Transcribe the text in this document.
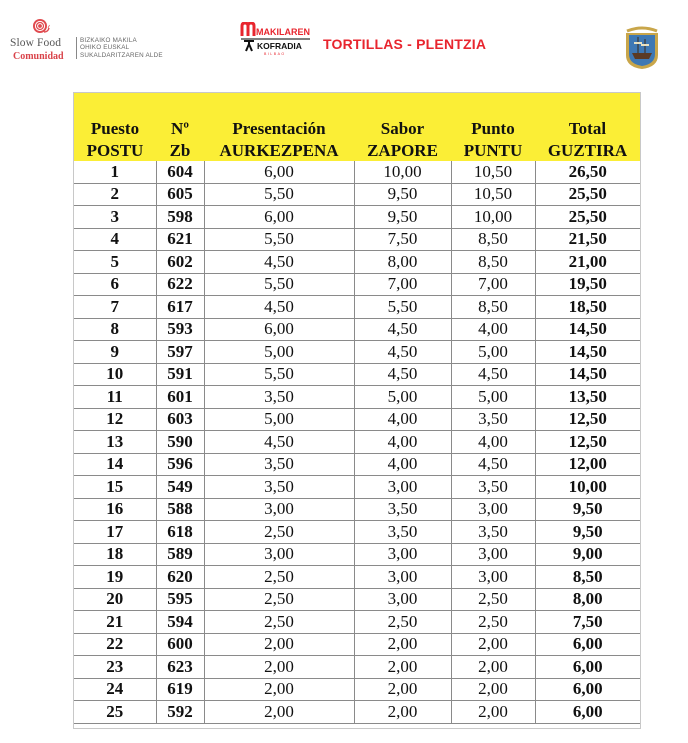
Slow Food
Comunidad
BIZKAIKO MAKILA
OHIKO EUSKAL
SUKALDARITZAREN ALDE
MAKILAREN
KOFRADIA
BILBAO
TORTILLAS - PLENTZIA

Puesto	Nº	Presentación	Sabor	Punto	Total
POSTU	Zb	AURKEZPENA	ZAPORE	PUNTU	GUZTIRA
1	604	6,00	10,00	10,50	26,50
2	605	5,50	9,50	10,50	25,50
3	598	6,00	9,50	10,00	25,50
4	621	5,50	7,50	8,50	21,50
5	602	4,50	8,00	8,50	21,00
6	622	5,50	7,00	7,00	19,50
7	617	4,50	5,50	8,50	18,50
8	593	6,00	4,50	4,00	14,50
9	597	5,00	4,50	5,00	14,50
10	591	5,50	4,50	4,50	14,50
11	601	3,50	5,00	5,00	13,50
12	603	5,00	4,00	3,50	12,50
13	590	4,50	4,00	4,00	12,50
14	596	3,50	4,00	4,50	12,00
15	549	3,50	3,00	3,50	10,00
16	588	3,00	3,50	3,00	9,50
17	618	2,50	3,50	3,50	9,50
18	589	3,00	3,00	3,00	9,00
19	620	2,50	3,00	3,00	8,50
20	595	2,50	3,00	2,50	8,00
21	594	2,50	2,50	2,50	7,50
22	600	2,00	2,00	2,00	6,00
23	623	2,00	2,00	2,00	6,00
24	619	2,00	2,00	2,00	6,00
25	592	2,00	2,00	2,00	6,00
